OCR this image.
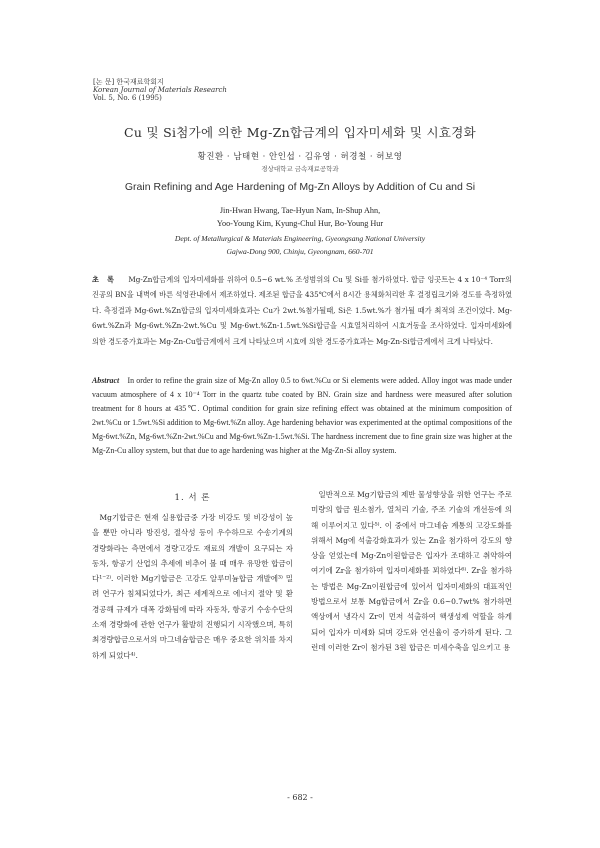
[논 문] 한국재료학회지
Korean Journal of Materials Research
Vol. 5, No. 6 (1995)
Cu 및 Si첨가에 의한 Mg-Zn합금계의 입자미세화 및 시효경화
황진환 · 남태현 · 안인섭 · 김유영 · 허경철 · 허보영
경상대학교 금속재료공학과
Grain Refining and Age Hardening of Mg-Zn Alloys by Addition of Cu and Si
Jin-Hwan Hwang, Tae-Hyun Nam, In-Shup Ahn,
Yoo-Young Kim, Kyung-Chul Hur, Bo-Young Hur
Dept. of Metallurgical & Materials Engineering, Gyeongsang National University
Gajwa-Dong 900, Chinju, Gyeongnam, 660-701
초록 Mg-Zn합금계의 입자미세화를 위하여 0.5~6 wt.% 조성범위의 Cu 및 Si를 첨가하였다. 합금 잉곳트는 4 x 10⁻⁴ Torr의 진공의 BN을 내벽에 바른 석영관내에서 제조하였다. 제조된 합금을 435℃에서 8시간 용체화처리한 후 결정립크기와 경도를 측정하였다. 측정결과 Mg-6wt.%Zn합금의 입자미세화효과는 Cu가 2wt.%첨가될때, Si은 1.5wt.%가 첨가될 때가 최적의 조건이었다. Mg-6wt.%Zn과 Mg-6wt.%Zn-2wt.%Cu 및 Mg-6wt.%Zn-1.5wt.%Si합금을 시효열처리하여 시효거동을 조사하였다. 입자미세화에 의한 경도증가효과는 Mg-Zn-Cu합금계에서 크게 나타났으며 시효에 의한 경도증가효과는 Mg-Zn-Si합금계에서 크게 나타났다.
Abstract In order to refine the grain size of Mg-Zn alloy 0.5 to 6wt.%Cu or Si elements were added. Alloy ingot was made under vacuum atmosphere of 4 x 10⁻⁴ Torr in the quartz tube coated by BN. Grain size and hardness were measured after solution treatment for 8 hours at 435℃. Optimal condition for grain size refining effect was obtained at the minimum composition of 2wt.%Cu or 1.5wt.%Si addition to Mg-6wt.%Zn alloy. Age hardening behavior was experimented at the optimal compositions of the Mg-6wt.%Zn, Mg-6wt.%Zn-2wt.%Cu and Mg-6wt.%Zn-1.5wt.%Si. The hardness increment due to fine grain size was higher at the Mg-Zn-Cu alloy system, but that due to age hardening was higher at the Mg-Zn-Si alloy system.
1. 서 론

Mg기합금은 현재 실용합금중 가장 비강도 및 비강성이 높을 뿐만 아니라 방진성, 절삭성 등이 우수하므로 수송기계의 경량화라는 측면에서 경량고강도 재료의 개발이 요구되는 자동차, 항공기 산업의 추세에 비추어 볼 때 매우 유망한 합금이다¹⁻²⁾. 이러한 Mg기합금은 고강도 알루미늄합금 개발에³⁾ 밀려 연구가 침체되었다가, 최근 세계적으로 에너지 절약 및 환경공해 규제가 대폭 강화됨에 따라 자동차, 항공기 수송수단의 소재 경량화에 관한 연구가 활발히 진행되기 시작했으며, 특히 최경량합금으로서의 마그네슘합금은 매우 중요한 위치를 차지하게 되었다⁴⁾.

일반적으로 Mg기합금의 제반 물성향상을 위한 연구는 주로 미량의 합금 원소첨가, 열처리 기술, 주조 기술의 개선등에 의해 이루어지고 있다⁵⁾. 이 중에서 마그네슘 계통의 고강도화를 위해서 Mg에 석출강화효과가 있는 Zn을 첨가하여 강도의 향상을 얻었는데 Mg-Zn이원합금은 입자가 조대하고 취약하여 여기에 Zr을 첨가하여 입자미세화를 꾀하였다⁶⁾. Zr을 첨가하는 방법은 Mg-Zn이원합금에 있어서 입자미세화의 대표적인 방법으로서 보통 Mg합금에서 Zr을 0.6~0.7wt% 첨가하면 액상에서 냉각시 Zr이 먼저 석출하여 핵생성제 역할을 하게 되어 입자가 미세화 되며 강도와 연신율이 증가하게 된다. 그런데 이러한 Zr이 첨가된 3원 합금은 미세수축을 일으키고 용

- 682 -
